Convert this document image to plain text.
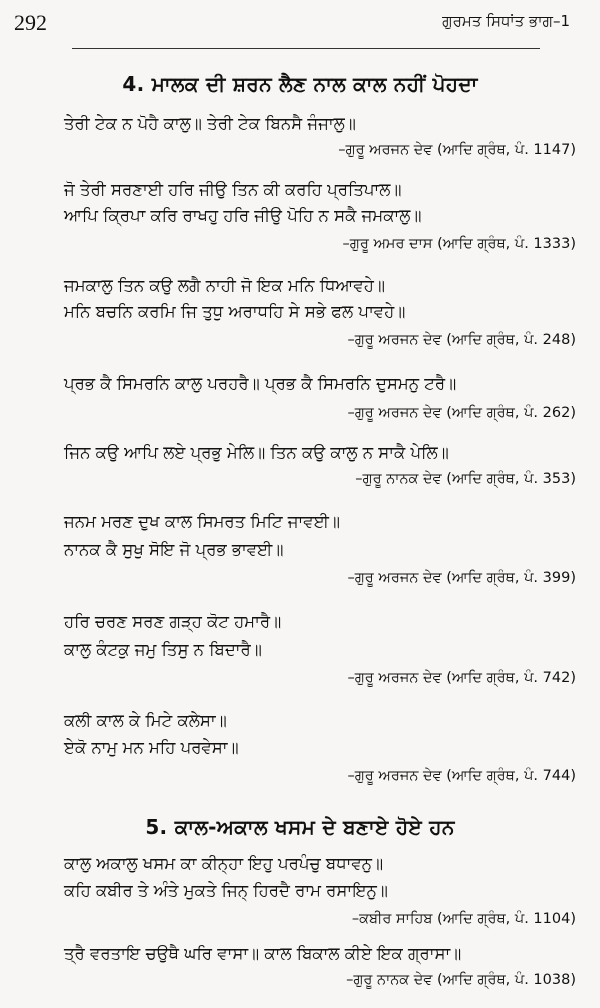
292	ਗੁਰਮਤ ਸਿਧਾਂਤ ਭਾਗ–1
4. ਮਾਲਕ ਦੀ ਸ਼ਰਨ ਲੈਣ ਨਾਲ ਕਾਲ ਨਹੀਂ ਪੋਹਦਾ
ਤੇਰੀ ਟੇਕ ਨ ਪੋਹੈ ਕਾਲੁ॥ ਤੇਰੀ ਟੇਕ ਬਿਨਸੈ ਜੰਜਾਲੁ॥
–ਗੁਰੂ ਅਰਜਨ ਦੇਵ (ਆਦਿ ਗ੍ਰੰਥ, ਪੰ. 1147)
ਜੋ ਤੇਰੀ ਸਰਣਾਈ ਹਰਿ ਜੀਉ ਤਿਨ ਕੀ ਕਰਹਿ ਪ੍ਰਤਿਪਾਲ॥
ਆਪਿ ਕ੍ਰਿਪਾ ਕਰਿ ਰਾਖਹੁ ਹਰਿ ਜੀਉ ਪੋਹਿ ਨ ਸਕੈ ਜਮਕਾਲੁ॥
–ਗੁਰੂ ਅਮਰ ਦਾਸ (ਆਦਿ ਗ੍ਰੰਥ, ਪੰ. 1333)
ਜਮਕਾਲੁ ਤਿਨ ਕਉ ਲਗੈ ਨਾਹੀ ਜੋ ਇਕ ਮਨਿ ਧਿਆਵਹੇ॥
ਮਨਿ ਬਚਨਿ ਕਰਮਿ ਜਿ ਤੁਧੁ ਅਰਾਧਹਿ ਸੇ ਸਭੇ ਫਲ ਪਾਵਹੇ॥
–ਗੁਰੂ ਅਰਜਨ ਦੇਵ (ਆਦਿ ਗ੍ਰੰਥ, ਪੰ. 248)
ਪ੍ਰਭ ਕੈ ਸਿਮਰਨਿ ਕਾਲੁ ਪਰਹਰੈ॥ ਪ੍ਰਭ ਕੈ ਸਿਮਰਨਿ ਦੁਸਮਨੁ ਟਰੈ॥
–ਗੁਰੂ ਅਰਜਨ ਦੇਵ (ਆਦਿ ਗ੍ਰੰਥ, ਪੰ. 262)
ਜਿਨ ਕਉ ਆਪਿ ਲਏ ਪ੍ਰਭੁ ਮੇਲਿ॥ ਤਿਨ ਕਉ ਕਾਲੁ ਨ ਸਾਕੈ ਪੇਲਿ॥
–ਗੁਰੂ ਨਾਨਕ ਦੇਵ (ਆਦਿ ਗ੍ਰੰਥ, ਪੰ. 353)
ਜਨਮ ਮਰਣ ਦੁਖ ਕਾਲ ਸਿਮਰਤ ਮਿਟਿ ਜਾਵਈ॥
ਨਾਨਕ ਕੈ ਸੁਖੁ ਸੋਇ ਜੋ ਪ੍ਰਭ ਭਾਵਈ॥
–ਗੁਰੂ ਅਰਜਨ ਦੇਵ (ਆਦਿ ਗ੍ਰੰਥ, ਪੰ. 399)
ਹਰਿ ਚਰਣ ਸਰਣ ਗੜ੍ਹ ਕੋਟ ਹਮਾਰੈ॥
ਕਾਲੁ ਕੰਟਕੁ ਜਮੁ ਤਿਸੁ ਨ ਬਿਦਾਰੈ॥
–ਗੁਰੂ ਅਰਜਨ ਦੇਵ (ਆਦਿ ਗ੍ਰੰਥ, ਪੰ. 742)
ਕਲੀ ਕਾਲ ਕੇ ਮਿਟੇ ਕਲੇਸਾ॥
ਏਕੋ ਨਾਮੁ ਮਨ ਮਹਿ ਪਰਵੇਸਾ॥
–ਗੁਰੂ ਅਰਜਨ ਦੇਵ (ਆਦਿ ਗ੍ਰੰਥ, ਪੰ. 744)
5. ਕਾਲ-ਅਕਾਲ ਖਸਮ ਦੇ ਬਣਾਏ ਹੋਏ ਹਨ
ਕਾਲੁ ਅਕਾਲੁ ਖਸਮ ਕਾ ਕੀਨ੍ਹਾ ਇਹੁ ਪਰਪੰਚੁ ਬਧਾਵਨੁ॥
ਕਹਿ ਕਬੀਰ ਤੇ ਅੰਤੇ ਮੁਕਤੇ ਜਿਨ੍ ਹਿਰਦੈ ਰਾਮ ਰਸਾਇਨੁ॥
–ਕਬੀਰ ਸਾਹਿਬ (ਆਦਿ ਗ੍ਰੰਥ, ਪੰ. 1104)
ਤ੍ਰੈ ਵਰਤਾਇ ਚਉਥੈ ਘਰਿ ਵਾਸਾ॥ ਕਾਲ ਬਿਕਾਲ ਕੀਏ ਇਕ ਗ੍ਰਾਸਾ॥
–ਗੁਰੂ ਨਾਨਕ ਦੇਵ (ਆਦਿ ਗ੍ਰੰਥ, ਪੰ. 1038)
